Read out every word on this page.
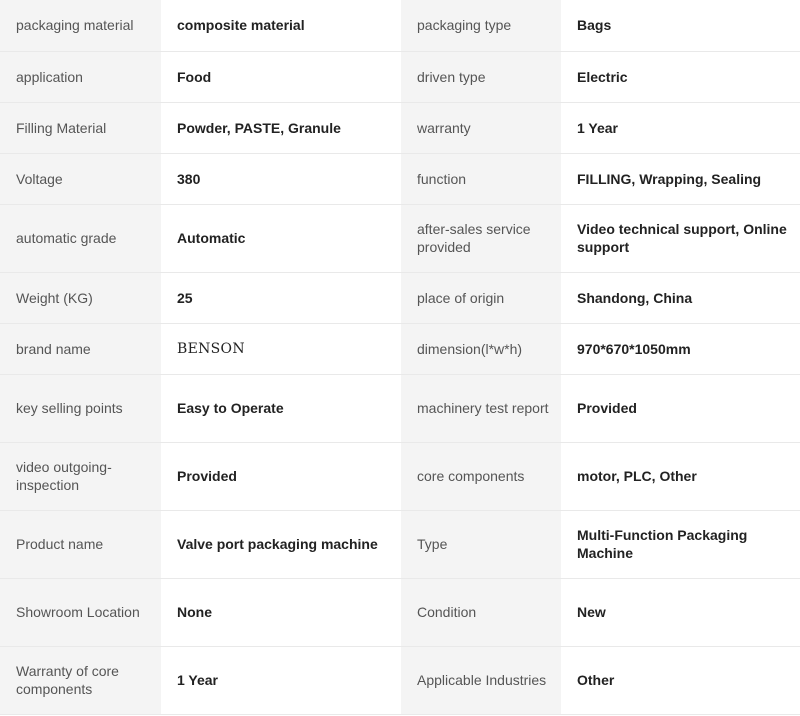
packaging material	composite material	packaging type	Bags
application	Food	driven type	Electric
Filling Material	Powder, PASTE, Granule	warranty	1 Year
Voltage	380	function	FILLING, Wrapping, Sealing
automatic grade	Automatic	after-sales service provided	Video technical support, Online support
Weight (KG)	25	place of origin	Shandong, China
brand name	BENSON	dimension(l*w*h)	970*670*1050mm
key selling points	Easy to Operate	machinery test report	Provided
video outgoing-inspection	Provided	core components	motor, PLC, Other
Product name	Valve port packaging machine	Type	Multi-Function Packaging Machine
Showroom Location	None	Condition	New
Warranty of core components	1 Year	Applicable Industries	Other
